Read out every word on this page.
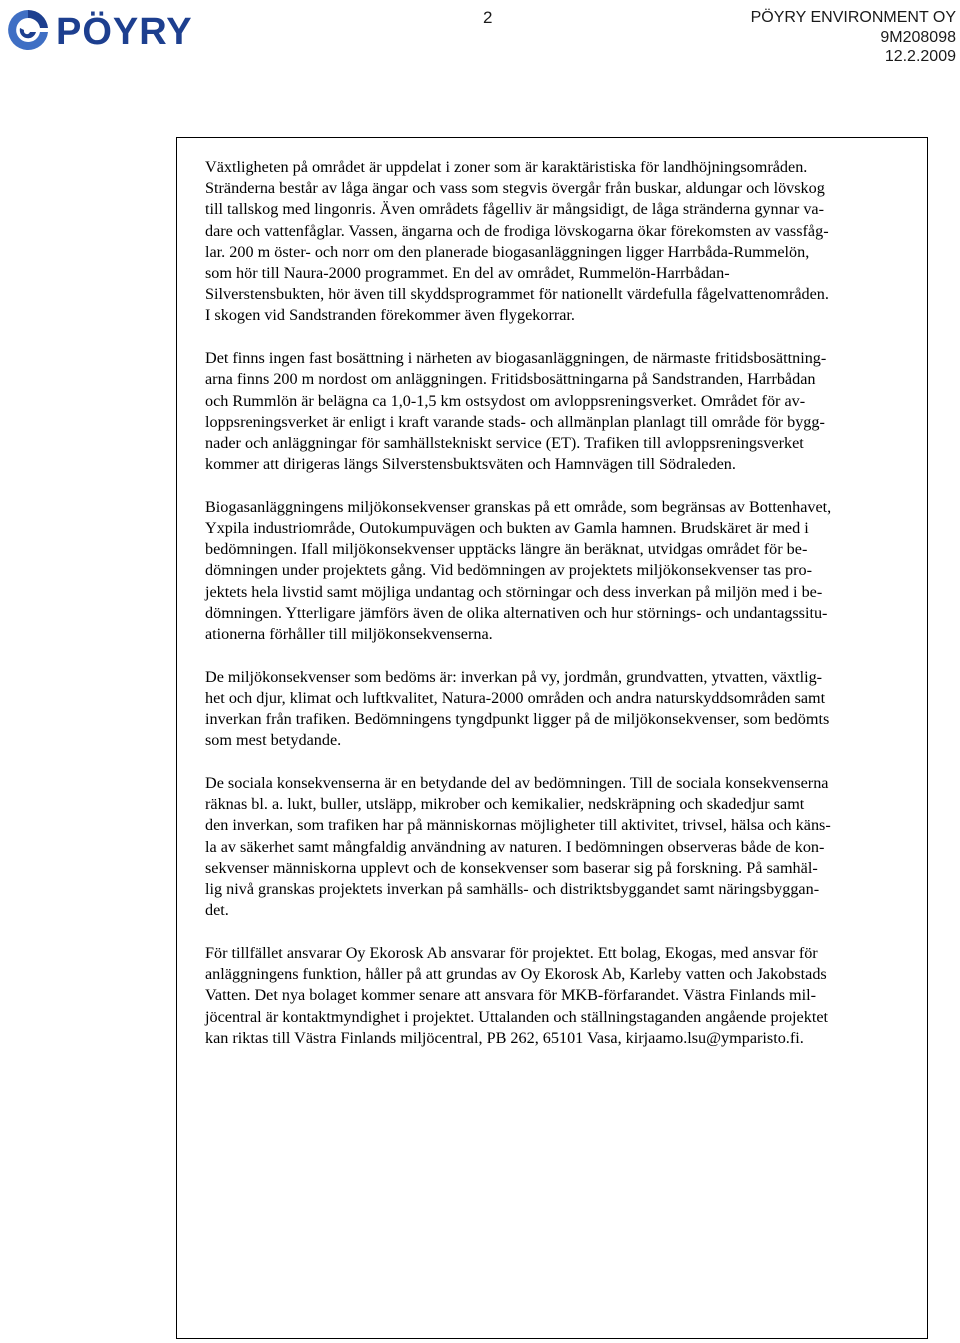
PÖYRY	2	PÖYRY ENVIRONMENT OY
9M208098
12.2.2009

Växtligheten på området är uppdelat i zoner som är karaktäristiska för landhöjningsområden.
Stränderna består av låga ängar och vass som stegvis övergår från buskar, aldungar och lövskog
till tallskog med lingonris. Även områdets fågelliv är mångsidigt, de låga stränderna gynnar va-
dare och vattenfåglar. Vassen, ängarna och de frodiga lövskogarna ökar förekomsten av vassfåg-
lar. 200 m öster- och norr om den planerade biogasanläggningen ligger Harrbåda-Rummelön,
som hör till Naura-2000 programmet. En del av området, Rummelön-Harrbådan-
Silverstensbukten, hör även till skyddsprogrammet för nationellt värdefulla fågelvattenområden.
I skogen vid Sandstranden förekommer även flygekorrar.

Det finns ingen fast bosättning i närheten av biogasanläggningen, de närmaste fritidsbosättning-
arna finns 200 m nordost om anläggningen. Fritidsbosättningarna på Sandstranden, Harrbådan
och Rummlön är belägna ca 1,0-1,5 km ostsydost om avloppsreningsverket. Området för av-
loppsreningsverket är enligt i kraft varande stads- och allmänplan planlagt till område för bygg-
nader och anläggningar för samhällstekniskt service (ET). Trafiken till avloppsreningsverket
kommer att dirigeras längs Silverstensbuktsväten och Hamnvägen till Södraleden.

Biogasanläggningens miljökonsekvenser granskas på ett område, som begränsas av Bottenhavet,
Yxpila industriområde, Outokumpuvägen och bukten av Gamla hamnen. Brudskäret är med i
bedömningen. Ifall miljökonsekvenser upptäcks längre än beräknat, utvidgas området för be-
dömningen under projektets gång. Vid bedömningen av projektets miljökonsekvenser tas pro-
jektets hela livstid samt möjliga undantag och störningar och dess inverkan på miljön med i be-
dömningen. Ytterligare jämförs även de olika alternativen och hur störnings- och undantagssitu-
ationerna förhåller till miljökonsekvenserna.

De miljökonsekvenser som bedöms är: inverkan på vy, jordmån, grundvatten, ytvatten, växtlig-
het och djur, klimat och luftkvalitet, Natura-2000 områden och andra naturskyddsområden samt
inverkan från trafiken. Bedömningens tyngdpunkt ligger på de miljökonsekvenser, som bedömts
som mest betydande.

De sociala konsekvenserna är en betydande del av bedömningen. Till de sociala konsekvenserna
räknas bl. a. lukt, buller, utsläpp, mikrober och kemikalier, nedskräpning och skadedjur samt
den inverkan, som trafiken har på människornas möjligheter till aktivitet, trivsel, hälsa och käns-
la av säkerhet samt mångfaldig användning av naturen. I bedömningen observeras både de kon-
sekvenser människorna upplevt och de konsekvenser som baserar sig på forskning. På samhäl-
lig nivå granskas projektets inverkan på samhälls- och distriktsbyggandet samt näringsbyggan-
det.

För tillfället ansvarar Oy Ekorosk Ab ansvarar för projektet. Ett bolag, Ekogas, med ansvar för
anläggningens funktion, håller på att grundas av Oy Ekorosk Ab, Karleby vatten och Jakobstads
Vatten. Det nya bolaget kommer senare att ansvara för MKB-förfarandet. Västra Finlands mil-
jöcentral är kontaktmyndighet i projektet. Uttalanden och ställningstaganden angående projektet
kan riktas till Västra Finlands miljöcentral, PB 262, 65101 Vasa, kirjaamo.lsu@ymparisto.fi.
